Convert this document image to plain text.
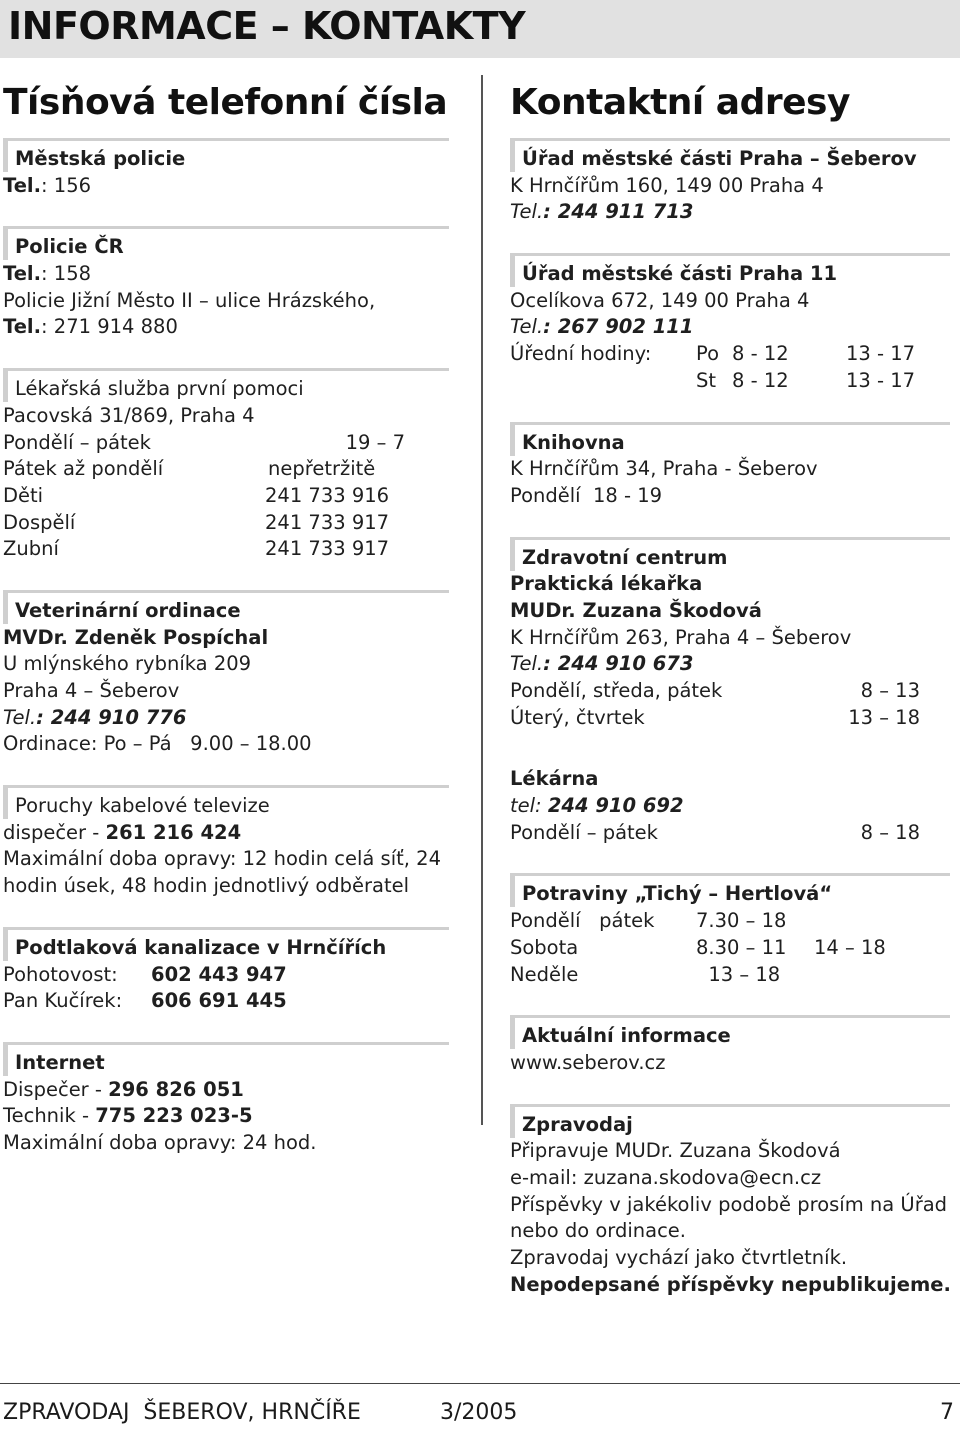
INFORMACE – KONTAKTY
Tísňová telefonní čísla
Městská policie
Tel.: 156
Policie ČR
Tel.: 158
Policie Jižní Město II – ulice Hrázského,
Tel.: 271 914 880
Lékařská služba první pomoci
Pacovská 31/869, Praha 4
Pondělí – pátek	19 – 7
Pátek až pondělí	nepřetržitě
Děti	241 733 916
Dospělí	241 733 917
Zubní	241 733 917
Veterinární ordinace
MVDr. Zdeněk Pospíchal
U mlýnského rybníka 209
Praha 4 – Šeberov
Tel.: 244 910 776
Ordinace: Po – Pá   9.00 – 18.00
Poruchy kabelové televize
dispečer - 261 216 424
Maximální doba opravy: 12 hodin celá síť, 24
hodin úsek, 48 hodin jednotlivý odběratel
Podtlaková kanalizace v Hrnčířích
Pohotovost:	602 443 947
Pan Kučírek:	606 691 445
Internet
Dispečer - 296 826 051
Technik - 775 223 023-5
Maximální doba opravy: 24 hod.
Kontaktní adresy
Úřad městské části Praha – Šeberov
K Hrnčířům 160, 149 00 Praha 4
Tel.: 244 911 713
Úřad městské části Praha 11
Ocelíkova 672, 149 00 Praha 4
Tel.: 267 902 111
Úřední hodiny:	Po 8 - 12	13 - 17
St 8 - 12	13 - 17
Knihovna
K Hrnčířům 34, Praha - Šeberov
Pondělí  18 - 19
Zdravotní centrum
Praktická lékařka
MUDr. Zuzana Škodová
K Hrnčířům 263, Praha 4 – Šeberov
Tel.: 244 910 673
Pondělí, středa, pátek	8 – 13
Úterý, čtvrtek	13 – 18
Lékárna
tel: 244 910 692
Pondělí – pátek	8 – 18
Potraviny „Tichý – Hertlová“
Pondělí   pátek	7.30 – 18
Sobota	8.30 – 11	14 – 18
Neděle	13 – 18
Aktuální informace
www.seberov.cz
Zpravodaj
Připravuje MUDr. Zuzana Škodová
e-mail: zuzana.skodova@ecn.cz
Příspěvky v jakékoliv podobě prosím na Úřad
nebo do ordinace.
Zpravodaj vychází jako čtvrtletník.
Nepodepsané příspěvky nepublikujeme.
ZPRAVODAJ  ŠEBEROV, HRNČÍŘE	3/2005	7
